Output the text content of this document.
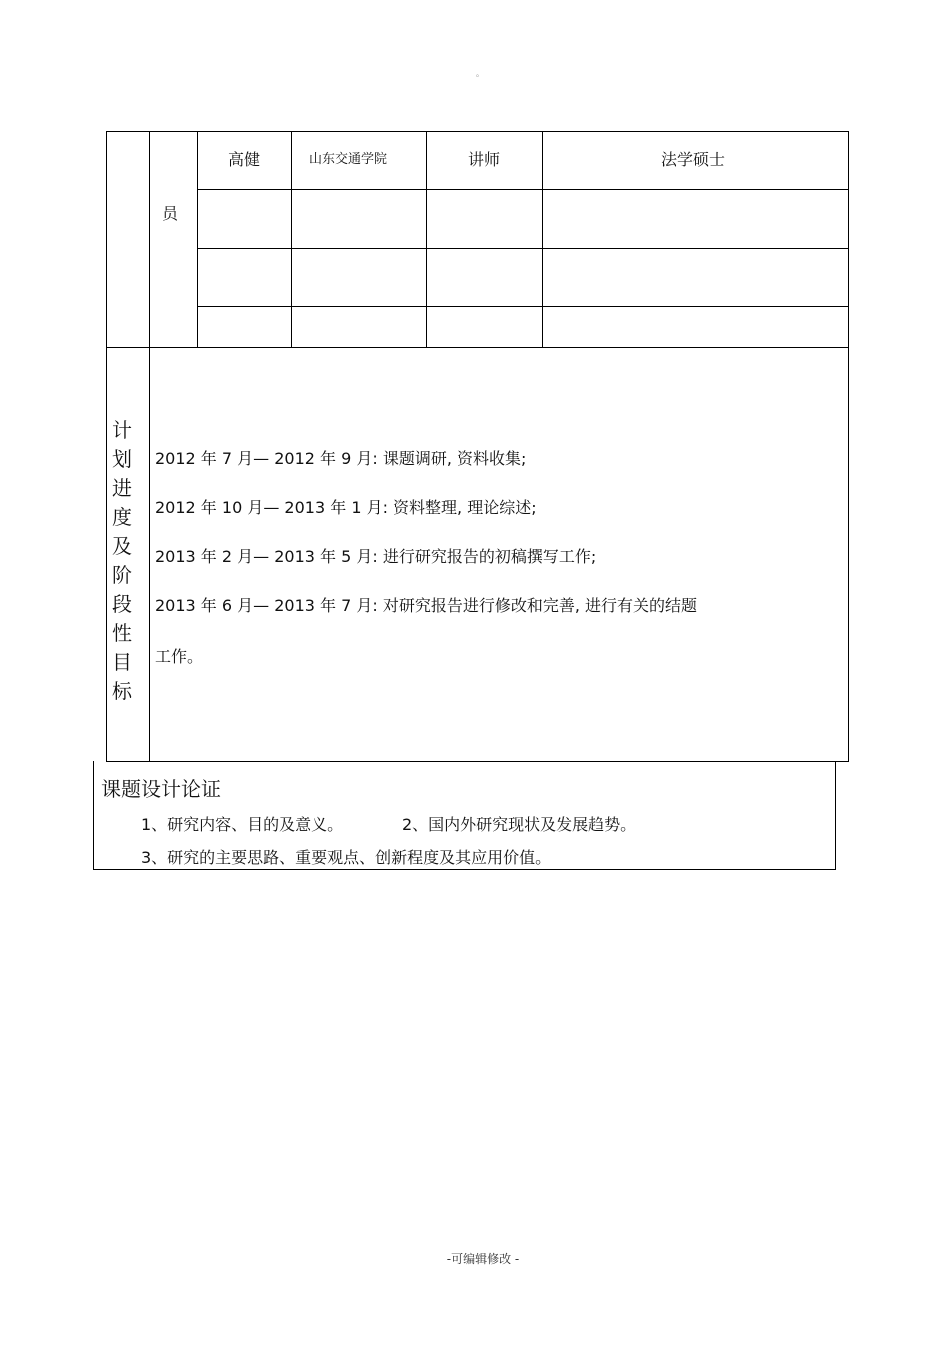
。
员
高健	山东交通学院	讲师	法学硕士
计
划
进
度
及
阶
段
性
目
标
2012 年 7 月— 2012 年 9 月: 课题调研, 资料收集;
2012 年 10 月— 2013 年 1 月: 资料整理, 理论综述;
2013 年 2 月— 2013 年 5 月: 进行研究报告的初稿撰写工作;
2013 年 6 月— 2013 年 7 月: 对研究报告进行修改和完善, 进行有关的结题
工作。
课题设计论证
1、研究内容、目的及意义。	2、国内外研究现状及发展趋势。
3、研究的主要思路、重要观点、创新程度及其应用价值。
-可编辑修改 -
